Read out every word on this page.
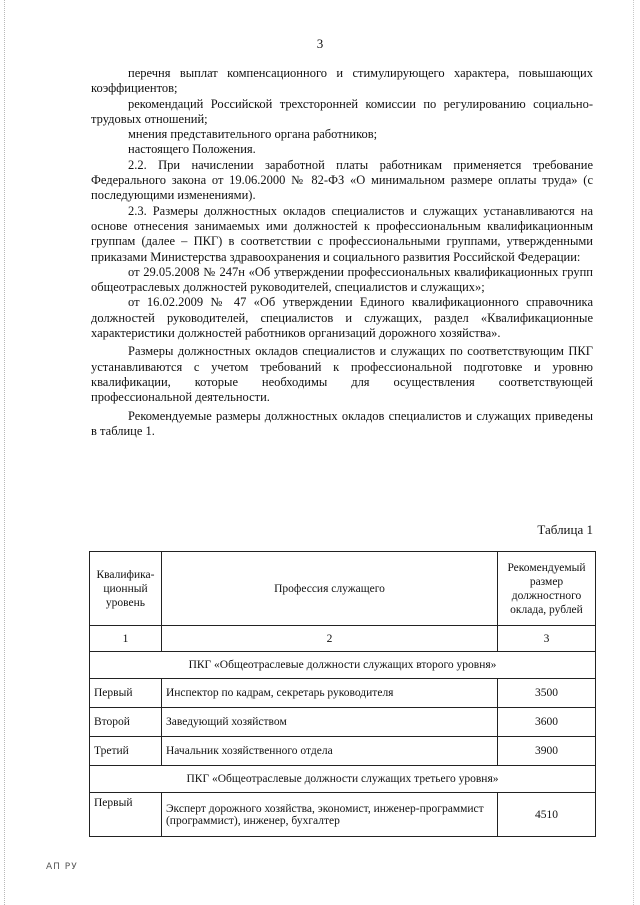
3

перечня выплат компенсационного и стимулирующего характера, повышающих коэффициентов;

рекомендаций Российской трехсторонней комиссии по регулированию социально-трудовых отношений;

мнения представительного органа работников;

настоящего Положения.

2.2. При начислении заработной платы работникам применяется требование Федерального закона от 19.06.2000 № 82-ФЗ «О минимальном размере оплаты труда» (с последующими изменениями).

2.3. Размеры должностных окладов специалистов и служащих устанавливаются на основе отнесения занимаемых ими должностей к профессиональным квалификационным группам (далее – ПКГ) в соответствии с профессиональными группами, утвержденными приказами Министерства здравоохранения и социального развития Российской Федерации:

от 29.05.2008 № 247н «Об утверждении профессиональных квалификационных групп общеотраслевых должностей руководителей, специалистов и служащих»;

от 16.02.2009 № 47 «Об утверждении Единого квалификационного справочника должностей руководителей, специалистов и служащих, раздел «Квалификационные характеристики должностей работников организаций дорожного хозяйства».

Размеры должностных окладов специалистов и служащих по соответствующим ПКГ устанавливаются с учетом требований к профессиональной подготовке и уровню квалификации, которые необходимы для осуществления соответствующей профессиональной деятельности.

Рекомендуемые размеры должностных окладов специалистов и служащих приведены в таблице 1.

Таблица 1
Квалифика-ционный уровень	Профессия служащего	Рекомендуемый размер должностного оклада, рублей
1	2	3
ПКГ «Общеотраслевые должности служащих второго уровня»		
Первый	Инспектор по кадрам, секретарь руководителя	3500
Второй	Заведующий хозяйством	3600
Третий	Начальник хозяйственного отдела	3900
ПКГ «Общеотраслевые должности служащих третьего уровня»		
Первый	Эксперт дорожного хозяйства, экономист, инженер-программист (программист), инженер, бухгалтер	4510
АП РУ
